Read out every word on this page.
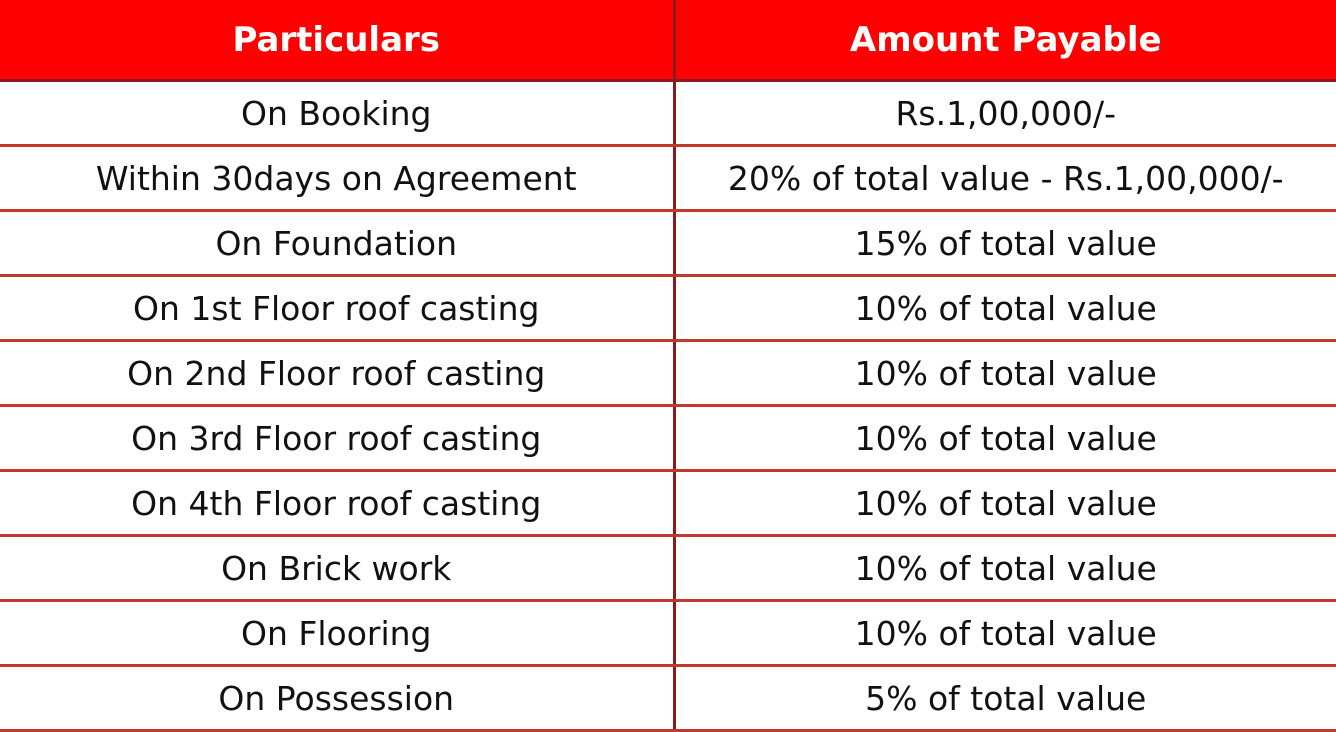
Particulars	Amount Payable
On Booking	Rs.1,00,000/-
Within 30days on Agreement	20% of total value - Rs.1,00,000/-
On Foundation	15% of total value
On 1st Floor roof casting	10% of total value
On 2nd Floor roof casting	10% of total value
On 3rd Floor roof casting	10% of total value
On 4th Floor roof casting	10% of total value
On Brick work	10% of total value
On Flooring	10% of total value
On Possession	5% of total value
